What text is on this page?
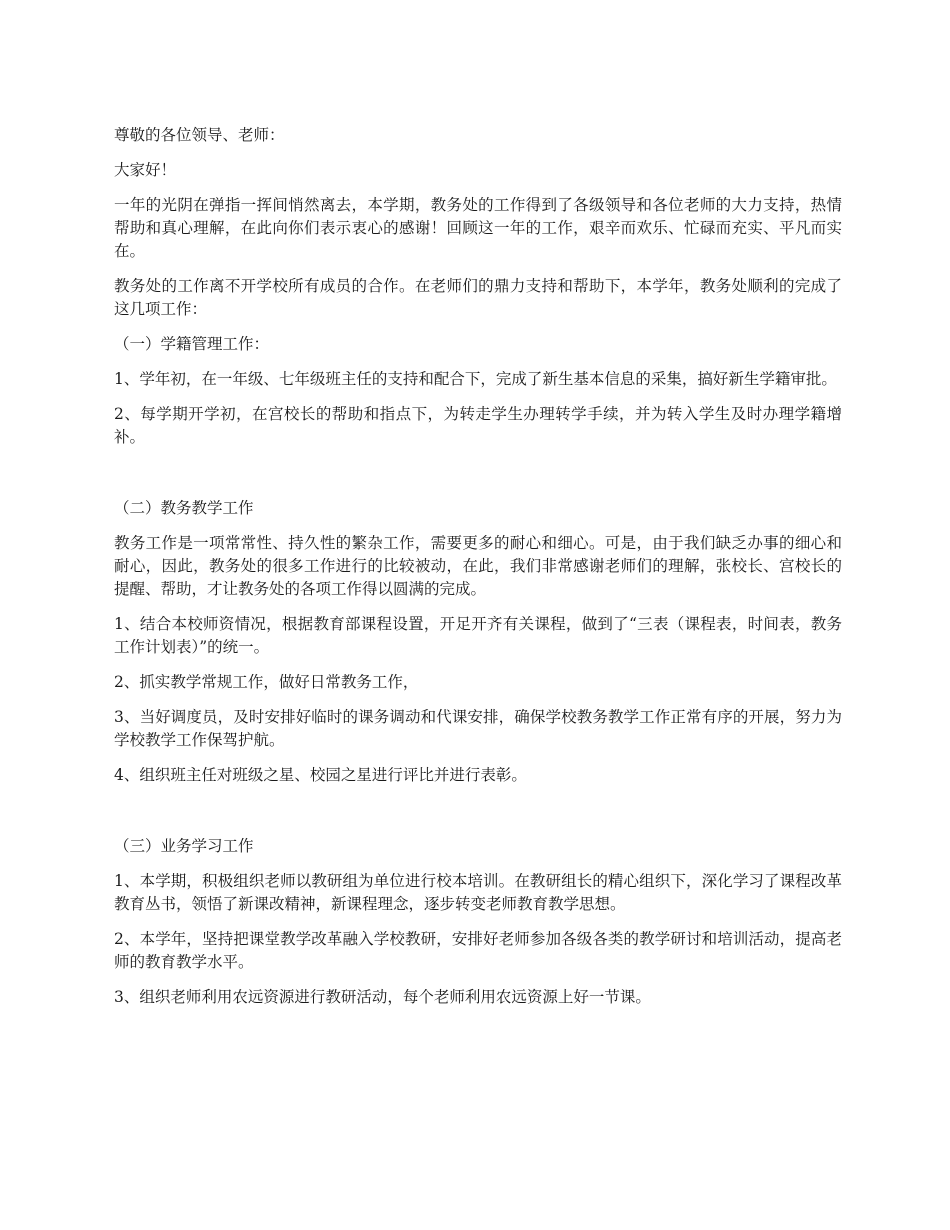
尊敬的各位领导、老师：

大家好！

一年的光阴在弹指一挥间悄然离去，本学期，教务处的工作得到了各级领导和各位老师的大力支持，热情帮助和真心理解，在此向你们表示衷心的感谢！回顾这一年的工作，艰辛而欢乐、忙碌而充实、平凡而实在。

教务处的工作离不开学校所有成员的合作。在老师们的鼎力支持和帮助下，本学年，教务处顺利的完成了这几项工作：

（一）学籍管理工作：

1、学年初，在一年级、七年级班主任的支持和配合下，完成了新生基本信息的采集，搞好新生学籍审批。

2、每学期开学初，在宫校长的帮助和指点下，为转走学生办理转学手续，并为转入学生及时办理学籍增补。

（二）教务教学工作

教务工作是一项常常性、持久性的繁杂工作，需要更多的耐心和细心。可是，由于我们缺乏办事的细心和耐心，因此，教务处的很多工作进行的比较被动，在此，我们非常感谢老师们的理解，张校长、宫校长的提醒、帮助，才让教务处的各项工作得以圆满的完成。

1、结合本校师资情况，根据教育部课程设置，开足开齐有关课程，做到了“三表（课程表，时间表，教务工作计划表）”的统一。

2、抓实教学常规工作，做好日常教务工作，

3、当好调度员，及时安排好临时的课务调动和代课安排，确保学校教务教学工作正常有序的开展，努力为学校教学工作保驾护航。

4、组织班主任对班级之星、校园之星进行评比并进行表彰。

（三）业务学习工作

1、本学期，积极组织老师以教研组为单位进行校本培训。在教研组长的精心组织下，深化学习了课程改革教育丛书，领悟了新课改精神，新课程理念，逐步转变老师教育教学思想。

2、本学年，坚持把课堂教学改革融入学校教研，安排好老师参加各级各类的教学研讨和培训活动，提高老师的教育教学水平。

3、组织老师利用农远资源进行教研活动，每个老师利用农远资源上好一节课。
